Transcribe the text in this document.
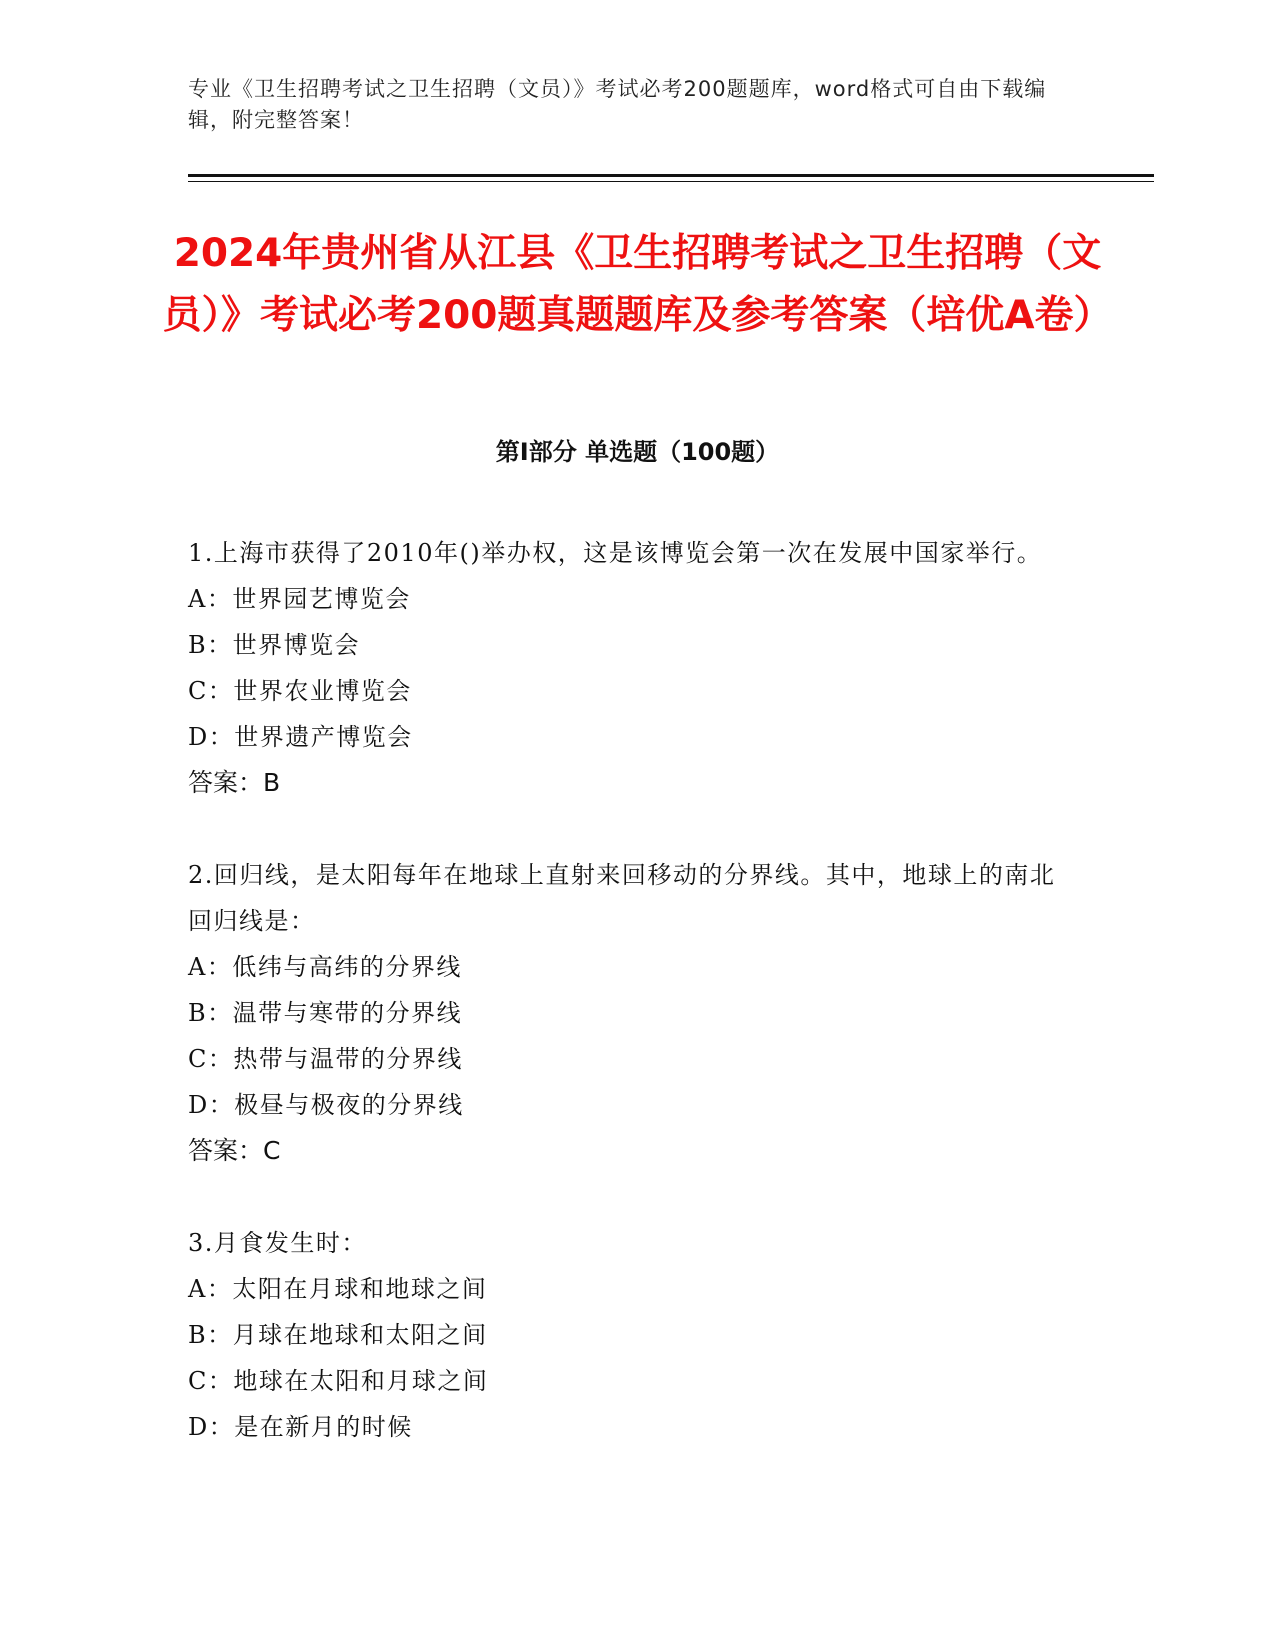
专业《卫生招聘考试之卫生招聘（文员）》考试必考200题题库，word格式可自由下载编辑，附完整答案！

2024年贵州省从江县《卫生招聘考试之卫生招聘（文员）》考试必考200题真题题库及参考答案（培优A卷）
第I部分 单选题（100题）

1.上海市获得了2010年()举办权，这是该博览会第一次在发展中国家举行。

A：世界园艺博览会

B：世界博览会

C：世界农业博览会

D：世界遗产博览会

答案：B

2.回归线，是太阳每年在地球上直射来回移动的分界线。其中，地球上的南北回归线是：

A：低纬与高纬的分界线

B：温带与寒带的分界线

C：热带与温带的分界线

D：极昼与极夜的分界线

答案：C

3.月食发生时：

A：太阳在月球和地球之间

B：月球在地球和太阳之间

C：地球在太阳和月球之间

D：是在新月的时候
